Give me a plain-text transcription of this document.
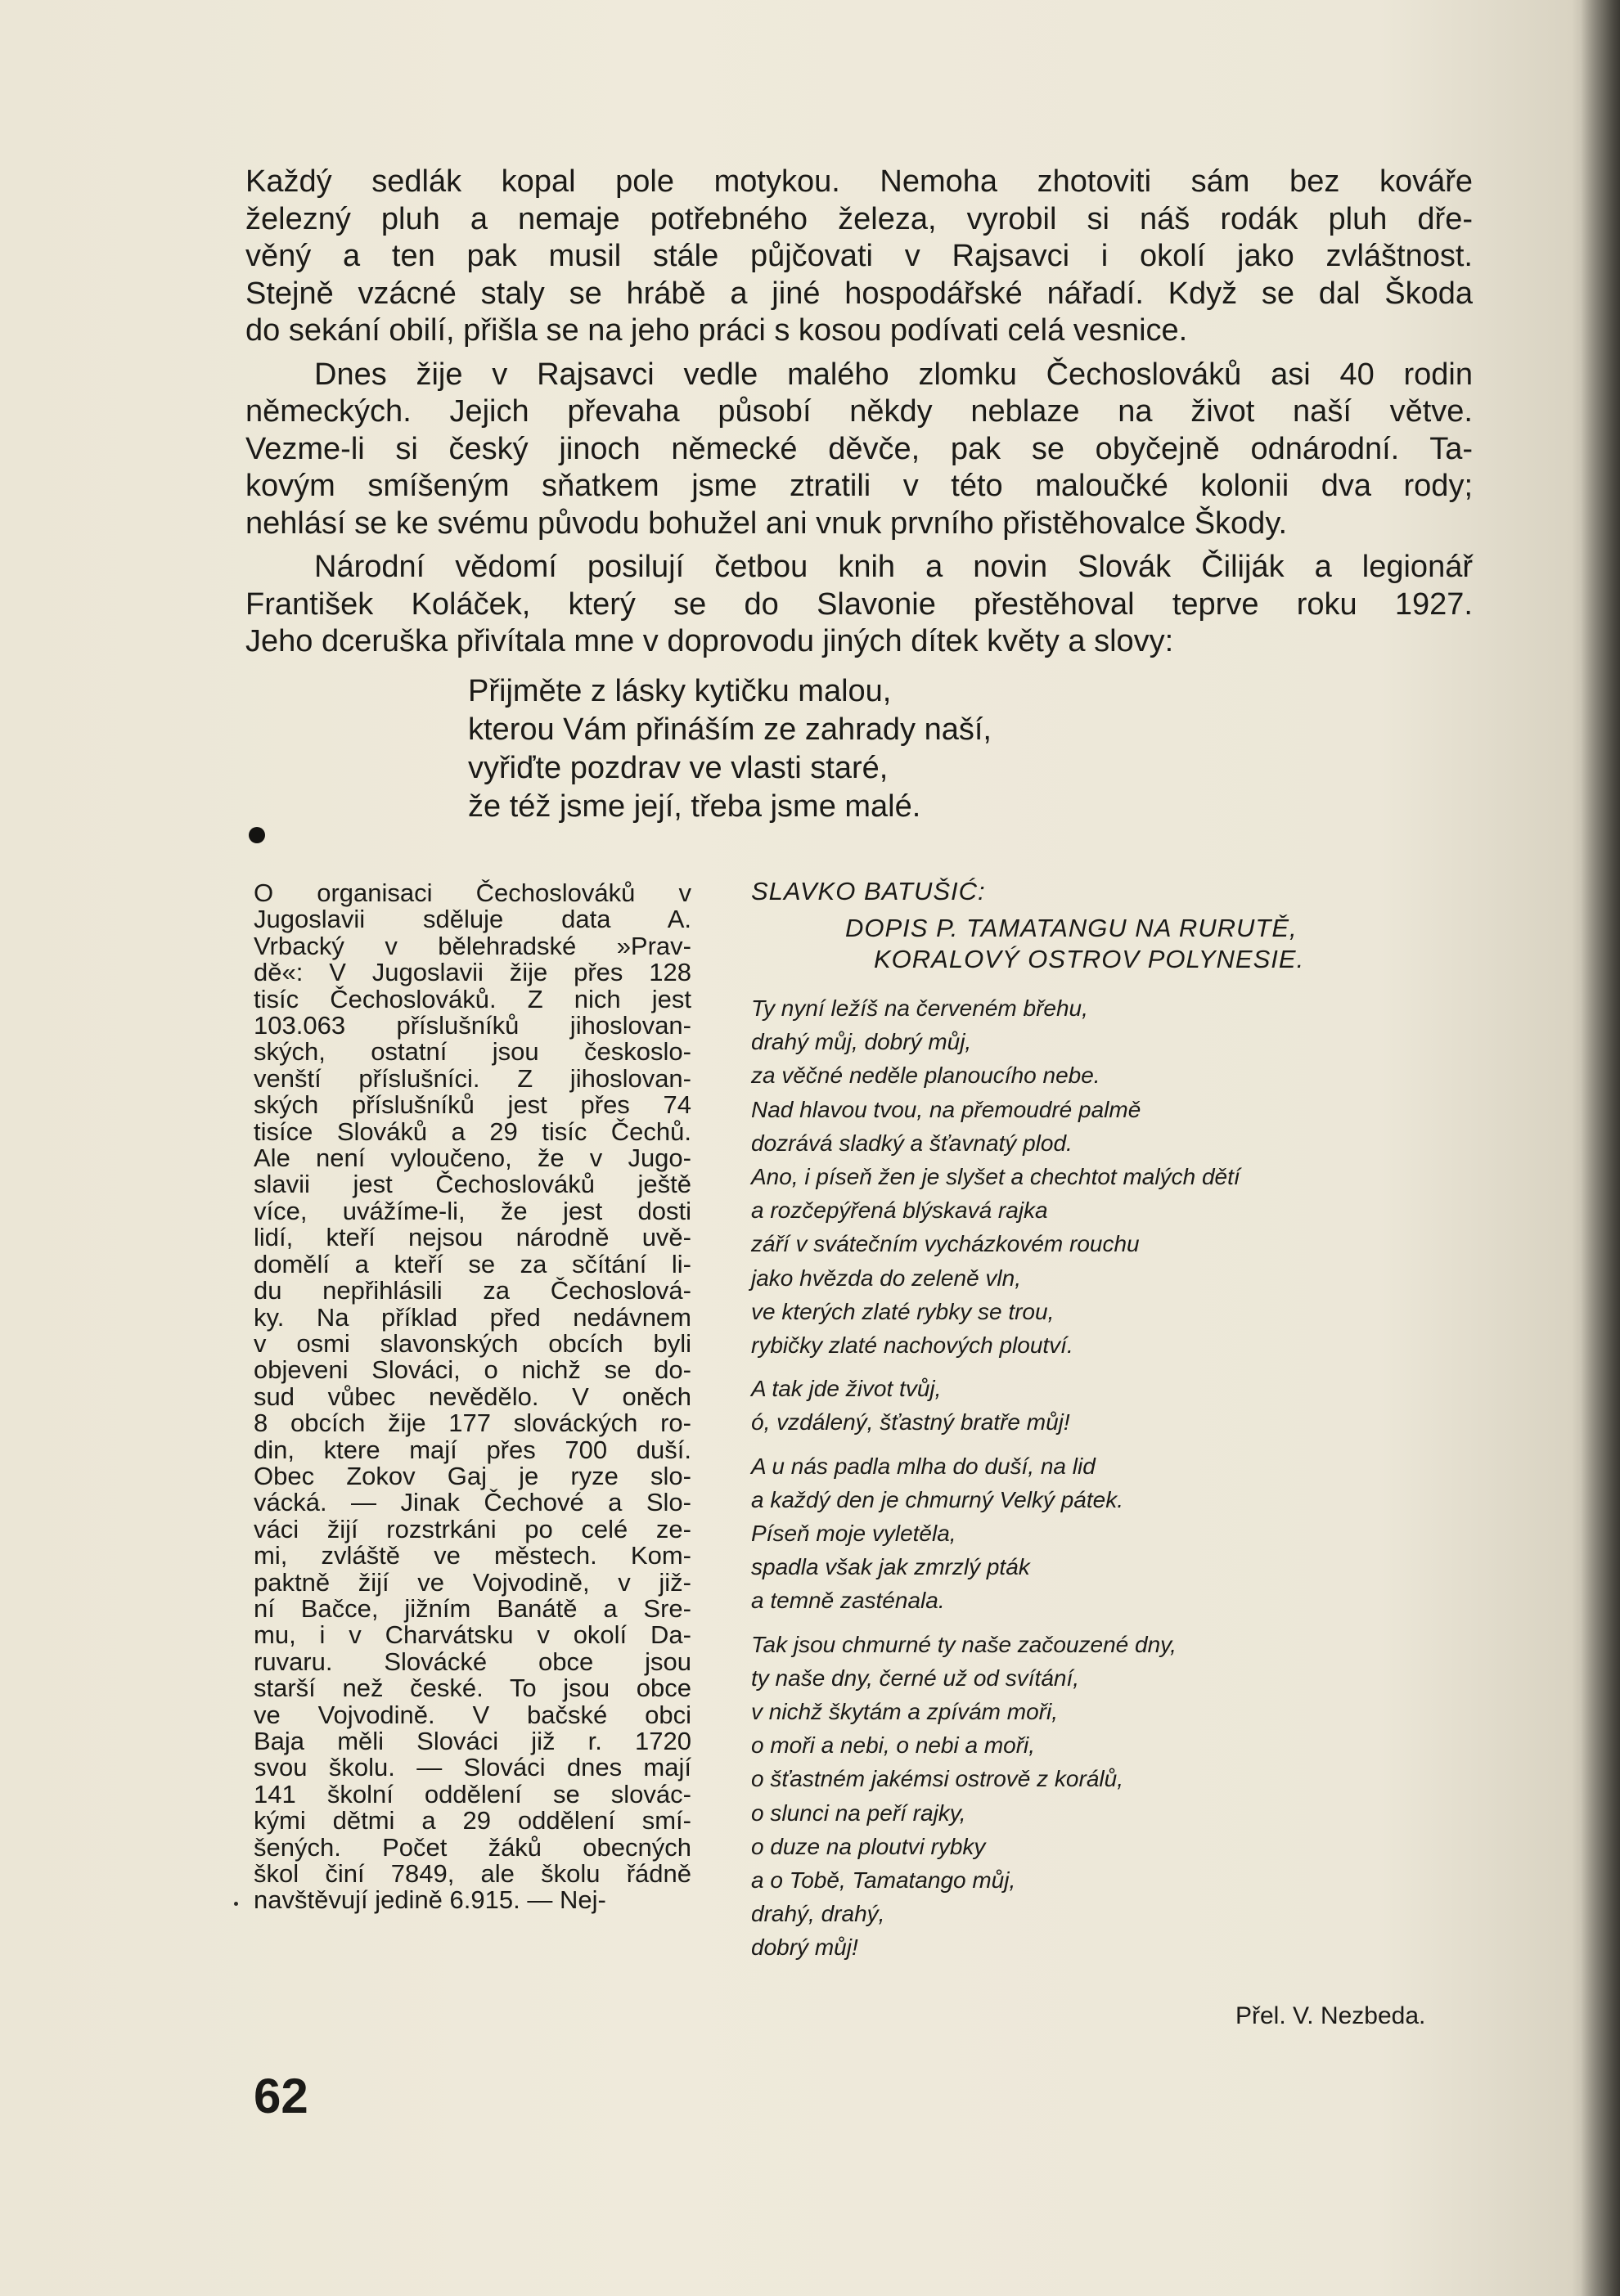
Každý sedlák kopal pole motykou. Nemoha zhotoviti sám bez kováře
železný pluh a nemaje potřebného železa, vyrobil si náš rodák pluh dře-
věný a ten pak musil stále půjčovati v Rajsavci i okolí jako zvláštnost.
Stejně vzácné staly se hrábě a jiné hospodářské nářadí. Když se dal Škoda
do sekání obilí, přišla se na jeho práci s kosou podívati celá vesnice.

Dnes žije v Rajsavci vedle malého zlomku Čechoslováků asi 40 rodin
německých. Jejich převaha působí někdy neblaze na život naší větve.
Vezme-li si český jinoch německé děvče, pak se obyčejně odnárodní. Ta-
kovým smíšeným sňatkem jsme ztratili v této maloučké kolonii dva rody;
nehlásí se ke svému původu bohužel ani vnuk prvního přistěhovalce Škody.

Národní vědomí posilují četbou knih a novin Slovák Čiliják a legionář
František Koláček, který se do Slavonie přestěhoval teprve roku 1927.
Jeho dceruška přivítala mne v doprovodu jiných dítek květy a slovy:

Přijměte z lásky kytičku malou,
kterou Vám přináším ze zahrady naší,
vyřiďte pozdrav ve vlasti staré,
že též jsme její, třeba jsme malé.
O organisaci Čechoslováků v
Jugoslavii sděluje data A.
Vrbacký v bělehradské »Prav-
dě«: V Jugoslavii žije přes 128
tisíc Čechoslováků. Z nich jest
103.063 příslušníků jihoslovan-
ských, ostatní jsou českoslo-
venští příslušníci. Z jihoslovan-
ských příslušníků jest přes 74
tisíce Slováků a 29 tisíc Čechů.
Ale není vyloučeno, že v Jugo-
slavii jest Čechoslováků ještě
více, uvážíme-li, že jest dosti
lidí, kteří nejsou národně uvě-
domělí a kteří se za sčítání li-
du nepřihlásili za Čechoslová-
ky. Na příklad před nedávnem
v osmi slavonských obcích byli
objeveni Slováci, o nichž se do-
sud vůbec nevědělo. V oněch
8 obcích žije 177 slováckých ro-
din, ktere mají přes 700 duší.
Obec Zokov Gaj je ryze slo-
vácká. — Jinak Čechové a Slo-
váci žijí rozstrkáni po celé ze-
mi, zvláště ve městech. Kom-
paktně žijí ve Vojvodině, v již-
ní Bačce, jižním Banátě a Sre-
mu, i v Charvátsku v okolí Da-
ruvaru. Slovácké obce jsou
starší než české. To jsou obce
ve Vojvodině. V bačské obci
Baja měli Slováci již r. 1720
svou školu. — Slováci dnes mají
141 školní oddělení se slovác-
kými dětmi a 29 oddělení smí-
šených. Počet žáků obecných
škol činí 7849, ale školu řádně
navštěvují jedině 6.915. — Nej-
SLAVKO BATUŠIĆ:
DOPIS P. TAMATANGU NA RURUTĚ,
KORALOVÝ OSTROV POLYNESIE.
Ty nyní ležíš na červeném břehu,
drahý můj, dobrý můj,
za věčné neděle planoucího nebe.
Nad hlavou tvou, na přemoudré palmě
dozrává sladký a šťavnatý plod.
Ano, i píseň žen je slyšet a chechtot malých dětí
a rozčepýřená blýskavá rajka
září v svátečním vycházkovém rouchu
jako hvězda do zeleně vln,
ve kterých zlaté rybky se trou,
rybičky zlaté nachových ploutví.
A tak jde život tvůj,
ó, vzdálený, šťastný bratře můj!
A u nás padla mlha do duší, na lid
a každý den je chmurný Velký pátek.
Píseň moje vyletěla,
spadla však jak zmrzlý pták
a temně zasténala.
Tak jsou chmurné ty naše začouzené dny,
ty naše dny, černé už od svítání,
v nichž škytám a zpívám moři,
o moři a nebi, o nebi a moři,
o šťastném jakémsi ostrově z korálů,
o slunci na peří rajky,
o duze na ploutvi rybky
a o Tobě, Tamatango můj,
drahý, drahý,
dobrý můj!
Přel. V. Nezbeda.
62
